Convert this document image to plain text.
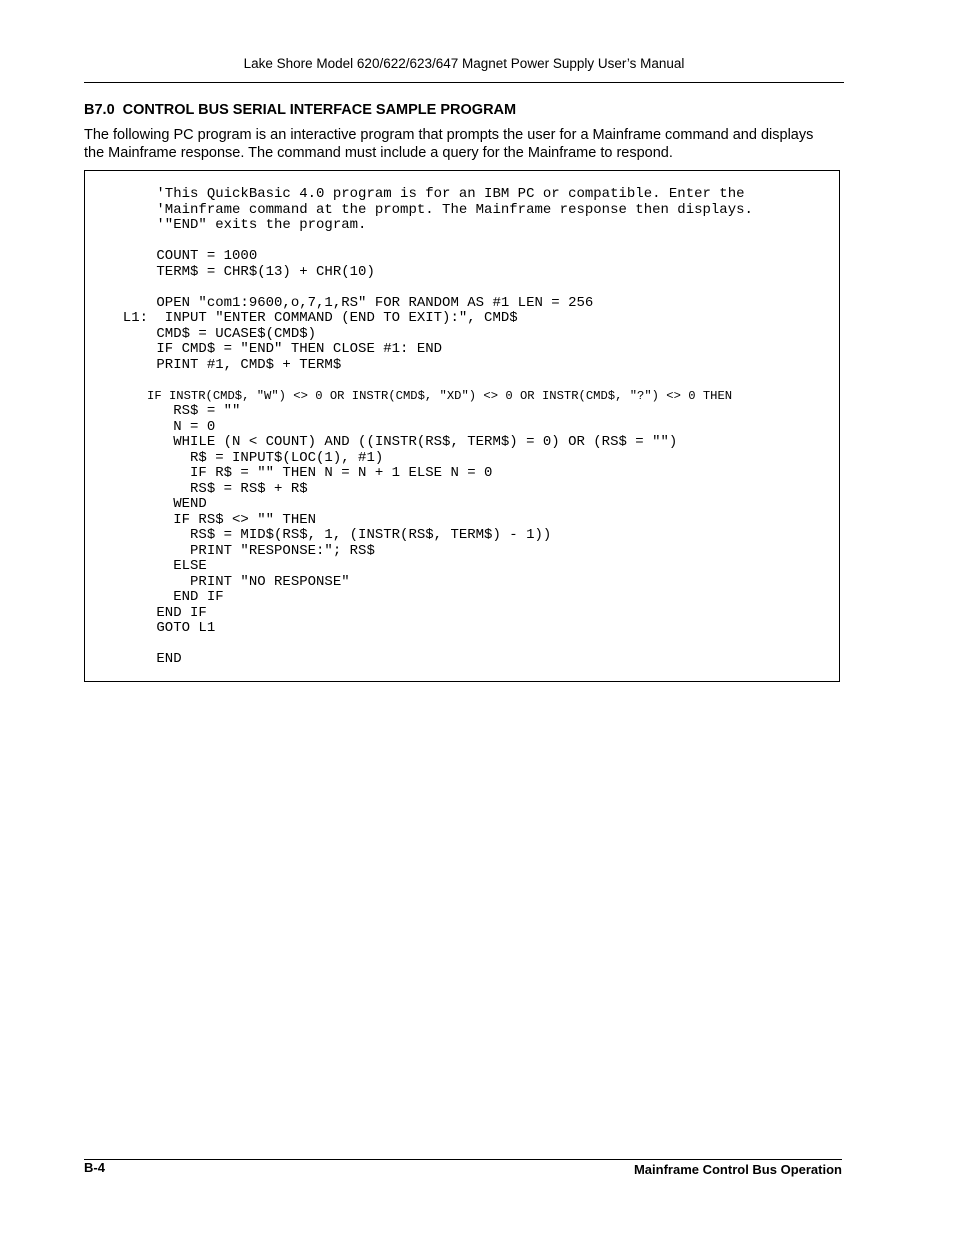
Lake Shore Model 620/622/623/647 Magnet Power Supply User’s Manual
B7.0  CONTROL BUS SERIAL INTERFACE SAMPLE PROGRAM

The following PC program is an interactive program that prompts the user for a Mainframe command and displays the Mainframe response. The command must include a query for the Mainframe to respond.

'This QuickBasic 4.0 program is for an IBM PC or compatible. Enter the
'Mainframe command at the prompt. The Mainframe response then displays.
'"END" exits the program.
COUNT = 1000
TERM$ = CHR$(13) + CHR(10)
OPEN "com1:9600,o,7,1,RS" FOR RANDOM AS #1 LEN = 256
L1:  INPUT "ENTER COMMAND (END TO EXIT):", CMD$
CMD$ = UCASE$(CMD$)
IF CMD$ = "END" THEN CLOSE #1: END
PRINT #1, CMD$ + TERM$
IF INSTR(CMD$, "W") <> 0 OR INSTR(CMD$, "XD") <> 0 OR INSTR(CMD$, "?") <> 0 THEN
RS$ = ""
N = 0
WHILE (N < COUNT) AND ((INSTR(RS$, TERM$) = 0) OR (RS$ = "")
R$ = INPUT$(LOC(1), #1)
IF R$ = "" THEN N = N + 1 ELSE N = 0
RS$ = RS$ + R$
WEND
IF RS$ <> "" THEN
RS$ = MID$(RS$, 1, (INSTR(RS$, TERM$) - 1))
PRINT "RESPONSE:"; RS$
ELSE
PRINT "NO RESPONSE"
END IF
END IF
GOTO L1
END
B-4	Mainframe Control Bus Operation
